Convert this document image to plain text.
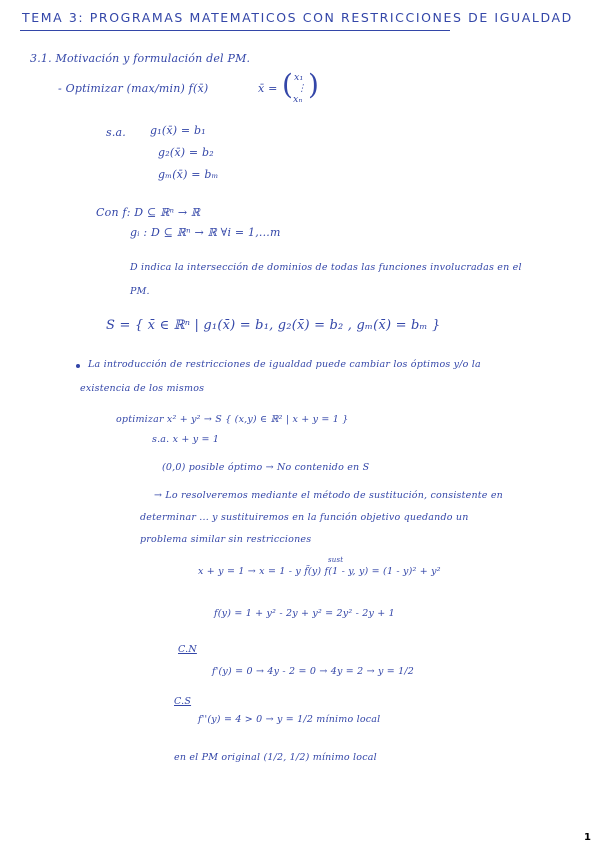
TEMA 3: PROGRAMAS MATEMATICOS CON RESTRICCIONES DE IGUALDAD
3.1. Motivación y formulación del PM.
- Optimizar (max/min) f(x̄)	x̄ = ( x₁
⋮
xₙ )
s.a. g₁(x̄) = b₁
g₂(x̄) = b₂
gₘ(x̄) = bₘ
Con f: D ⊆ ℝⁿ → ℝ
gᵢ : D ⊆ ℝⁿ → ℝ ∀i = 1,...m
D indica la intersección de dominios de todas las funciones involucradas en el
PM.
S = { x̄ ∈ ℝⁿ | g₁(x̄) = b₁, g₂(x̄) = b₂ , gₘ(x̄) = bₘ }
La introducción de restricciones de igualdad puede cambiar los óptimos y/o la
existencia de los mismos
optimizar x² + y² → S { (x,y) ∈ ℝ² | x + y = 1 }
s.a. x + y = 1
(0,0) posible óptimo → No contenido en S
→ Lo resolveremos mediante el método de sustitución, consistente en
determinar ... y sustituiremos en la función objetivo quedando un
problema similar sin restricciones
sust
x + y = 1 → x = 1 - y f̃(y) f(1 - y, y) = (1 - y)² + y²
f(y) = 1 + y² - 2y + y² = 2y² - 2y + 1
C.N
f'(y) = 0 → 4y - 2 = 0 → 4y = 2 → y = 1/2
C.S
f''(y) = 4 > 0 → y = 1/2 mínimo local
en el PM original (1/2, 1/2) mínimo local
1
